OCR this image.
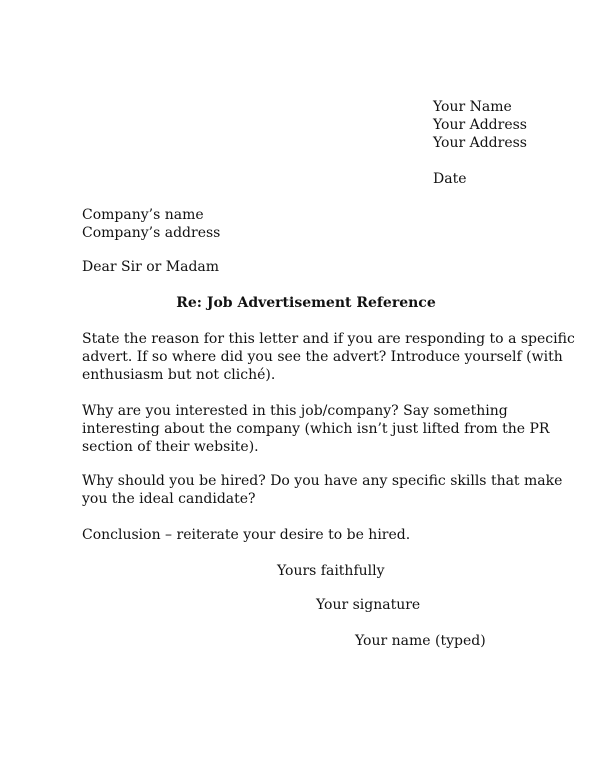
Your Name
Your Address
Your Address
Date
Company’s name
Company’s address
Dear Sir or Madam
Re: Job Advertisement Reference
State the reason for this letter and if you are responding to a specific
advert. If so where did you see the advert? Introduce yourself (with
enthusiasm but not cliché).
Why are you interested in this job/company? Say something
interesting about the company (which isn’t just lifted from the PR
section of their website).
Why should you be hired? Do you have any specific skills that make
you the ideal candidate?
Conclusion – reiterate your desire to be hired.
Yours faithfully
Your signature
Your name (typed)
